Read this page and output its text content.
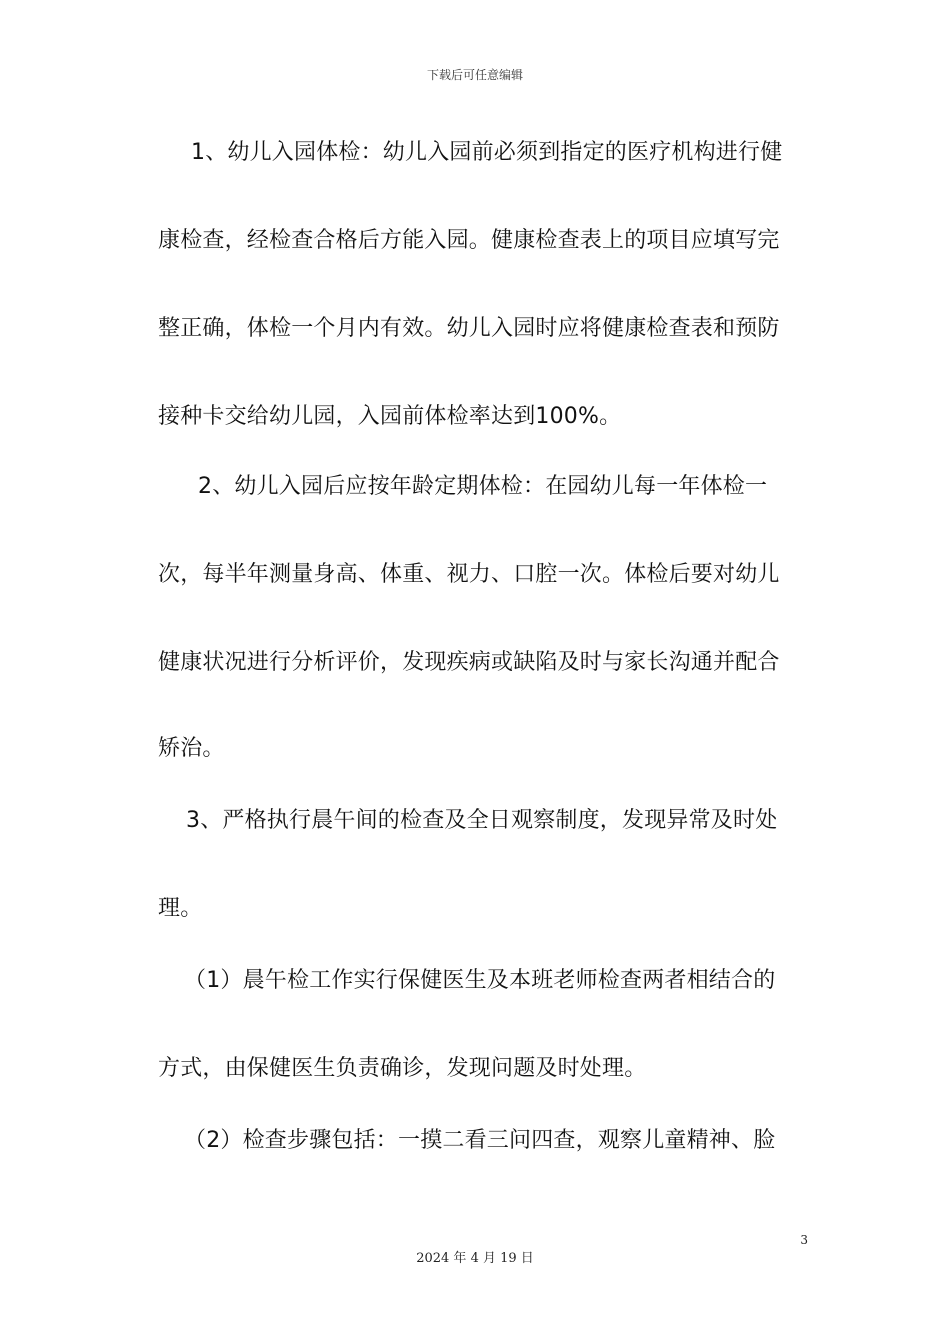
下载后可任意编辑
1、幼儿入园体检：幼儿入园前必须到指定的医疗机构进行健
康检查，经检查合格后方能入园。健康检查表上的项目应填写完
整正确，体检一个月内有效。幼儿入园时应将健康检查表和预防
接种卡交给幼儿园，入园前体检率达到100%。
2、幼儿入园后应按年龄定期体检：在园幼儿每一年体检一
次，每半年测量身高、体重、视力、口腔一次。体检后要对幼儿
健康状况进行分析评价，发现疾病或缺陷及时与家长沟通并配合
矫治。
3、严格执行晨午间的检查及全日观察制度，发现异常及时处
理。
（1）晨午检工作实行保健医生及本班老师检查两者相结合的
方式，由保健医生负责确诊，发现问题及时处理。
（2）检查步骤包括：一摸二看三问四查，观察儿童精神、脸
3
2024 年 4 月 19 日
